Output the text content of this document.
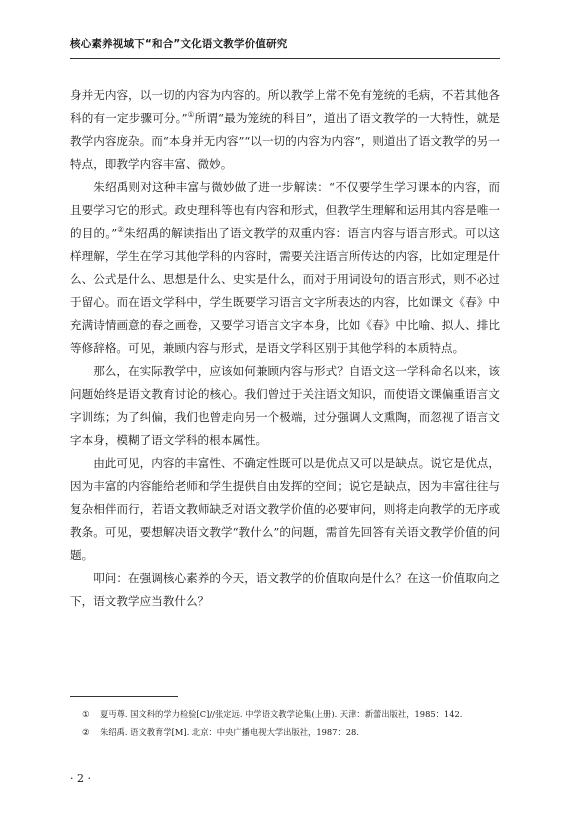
核心素养视域下“和合”文化语文教学价值研究

身并无内容，以一切的内容为内容的。所以教学上常不免有笼统的毛病，不若其他各科的有一定步骤可分。”①所谓“最为笼统的科目”，道出了语文教学的一大特性，就是教学内容庞杂。而“本身并无内容”“以一切的内容为内容”，则道出了语文教学的另一特点，即教学内容丰富、微妙。

朱绍禹则对这种丰富与微妙做了进一步解读：“不仅要学生学习课本的内容，而且要学习它的形式。政史理科等也有内容和形式，但教学生理解和运用其内容是唯一的目的。”②朱绍禹的解读指出了语文教学的双重内容：语言内容与语言形式。可以这样理解，学生在学习其他学科的内容时，需要关注语言所传达的内容，比如定理是什么、公式是什么、思想是什么、史实是什么，而对于用词设句的语言形式，则不必过于留心。而在语文学科中，学生既要学习语言文字所表达的内容，比如课文《春》中充满诗情画意的春之画卷，又要学习语言文字本身，比如《春》中比喻、拟人、排比等修辞格。可见，兼顾内容与形式，是语文学科区别于其他学科的本质特点。

那么，在实际教学中，应该如何兼顾内容与形式？自语文这一学科命名以来，该问题始终是语文教育讨论的核心。我们曾过于关注语文知识，而使语文课偏重语言文字训练；为了纠偏，我们也曾走向另一个极端，过分强调人文熏陶，而忽视了语言文字本身，模糊了语文学科的根本属性。

由此可见，内容的丰富性、不确定性既可以是优点又可以是缺点。说它是优点，因为丰富的内容能给老师和学生提供自由发挥的空间；说它是缺点，因为丰富往往与复杂相伴而行，若语文教师缺乏对语文教学价值的必要审问，则将走向教学的无序或教条。可见，要想解决语文教学“教什么”的问题，需首先回答有关语文教学价值的问题。

叩问：在强调核心素养的今天，语文教学的价值取向是什么？在这一价值取向之下，语文教学应当教什么？

① 夏丏尊. 国文科的学力检验[C]//张定远. 中学语文教学论集(上册). 天津：新蕾出版社，1985：142.
② 朱绍禹. 语文教育学[M]. 北京：中央广播电视大学出版社，1987：28.
· 2 ·
